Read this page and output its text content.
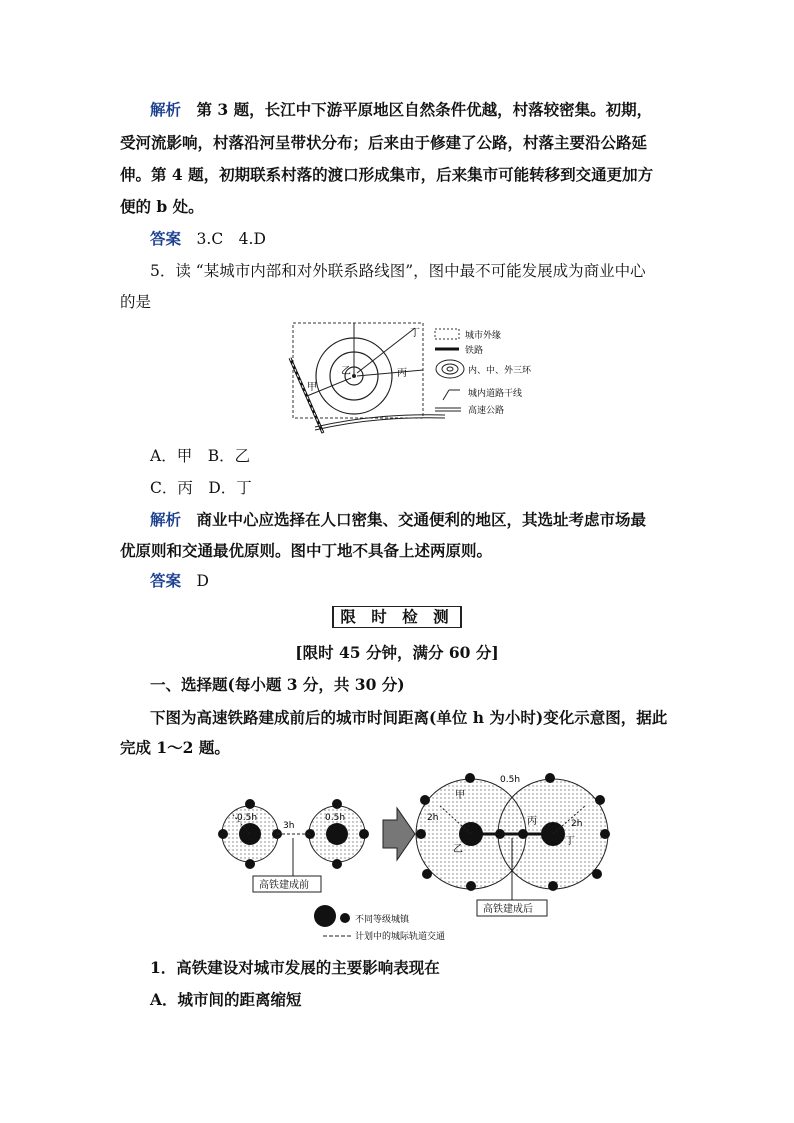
解析　 第 3 题，长江中下游平原地区自然条件优越，村落较密集。初期，
受河流影响，村落沿河呈带状分布；后来由于修建了公路，村落主要沿公路延
伸。第 4 题，初期联系村落的渡口形成集市，后来集市可能转移到交通更加方
便的 b 处。
答案　 3.C　4.D
5．读 “某城市内部和对外联系路线图”，图中最不可能发展成为商业中心
的是
甲
乙	丙
丁	城市外缘
铁路
内、中、外三环
城内道路干线
高速公路
A．甲　B．乙
C．丙　D．丁
解析　 商业中心应选择在人口密集、交通便利的地区，其选址考虑市场最
优原则和交通最优原则。图中丁地不具备上述两原则。
答案　 D
限 时 检 测
[限时 45 分钟，满分 60 分]
一、选择题(每小题 3 分，共 30 分)
下图为高速铁路建成前后的城市时间距离(单位 h 为小时)变化示意图，据此
完成 1～2 题。
0.5h	0.5h
3h
高铁建成前
0.5h
2h
2h
甲
乙
丙
丁
高铁建成后
不同等级城镇
计划中的城际轨道交通
1．高铁建设对城市发展的主要影响表现在
A．城市间的距离缩短
